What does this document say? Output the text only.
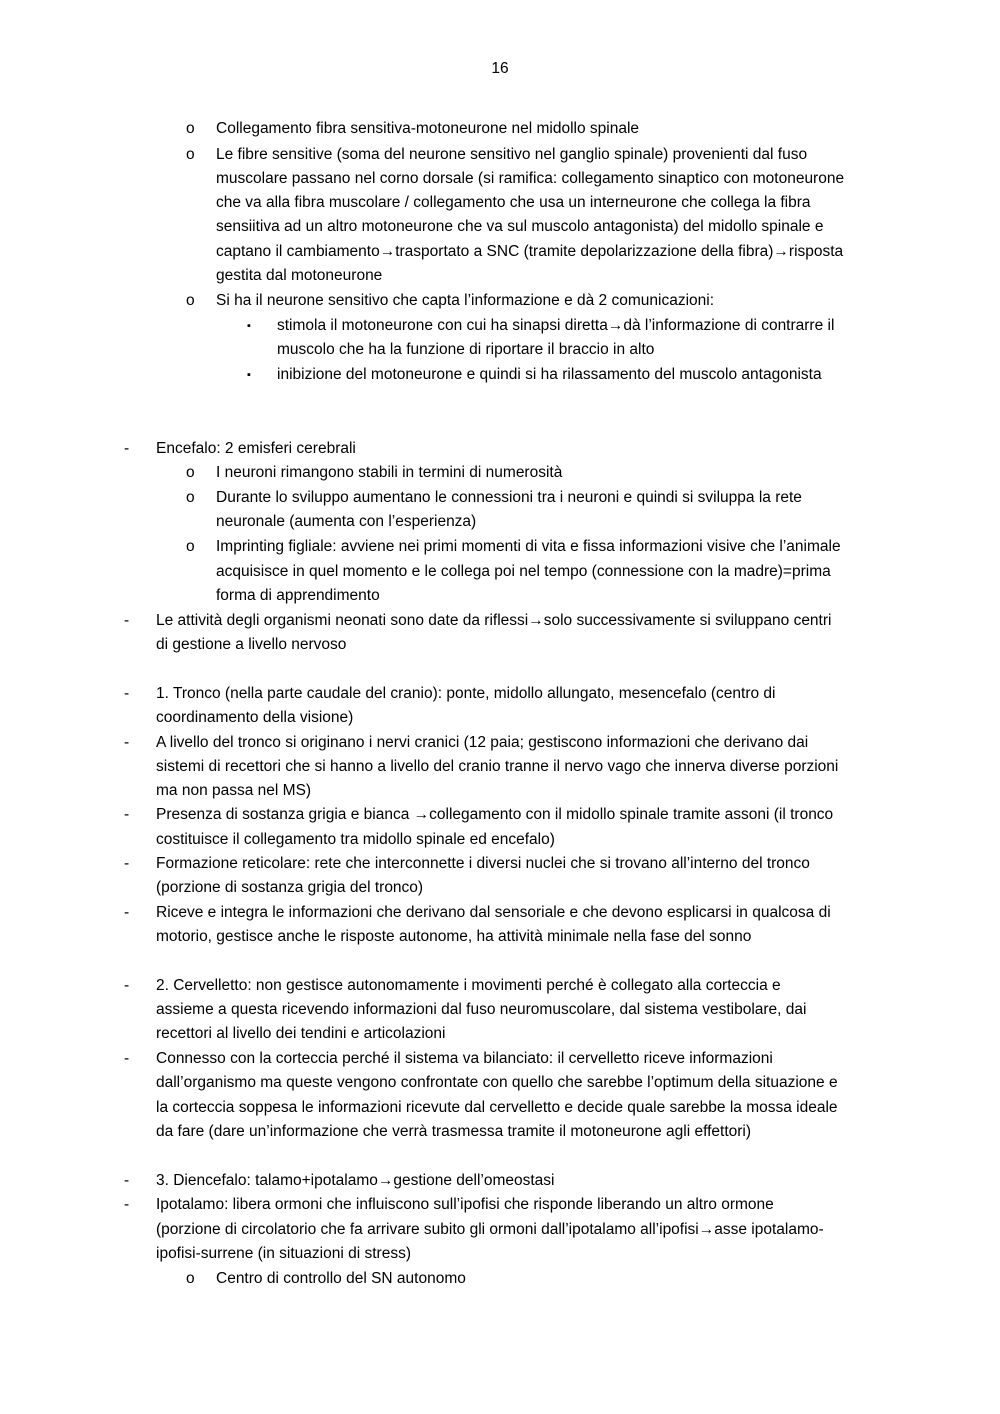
16
o Collegamento fibra sensitiva-motoneurone nel midollo spinale
o Le fibre sensitive (soma del neurone sensitivo nel ganglio spinale) provenienti dal fuso
muscolare passano nel corno dorsale (si ramifica: collegamento sinaptico con motoneurone
che va alla fibra muscolare / collegamento che usa un interneurone che collega la fibra
sensiitiva ad un altro motoneurone che va sul muscolo antagonista) del midollo spinale e
captano il cambiamento→trasportato a SNC (tramite depolarizzazione della fibra)→risposta
gestita dal motoneurone
o Si ha il neurone sensitivo che capta l’informazione e dà 2 comunicazioni:
▪ stimola il motoneurone con cui ha sinapsi diretta→dà l’informazione di contrarre il
muscolo che ha la funzione di riportare il braccio in alto
▪ inibizione del motoneurone e quindi si ha rilassamento del muscolo antagonista
- Encefalo: 2 emisferi cerebrali
o I neuroni rimangono stabili in termini di numerosità
o Durante lo sviluppo aumentano le connessioni tra i neuroni e quindi si sviluppa la rete
neuronale (aumenta con l’esperienza)
o Imprinting figliale: avviene nei primi momenti di vita e fissa informazioni visive che l’animale
acquisisce in quel momento e le collega poi nel tempo (connessione con la madre)=prima
forma di apprendimento
- Le attività degli organismi neonati sono date da riflessi→solo successivamente si sviluppano centri
di gestione a livello nervoso
- 1. Tronco (nella parte caudale del cranio): ponte, midollo allungato, mesencefalo (centro di
coordinamento della visione)
- A livello del tronco si originano i nervi cranici (12 paia; gestiscono informazioni che derivano dai
sistemi di recettori che si hanno a livello del cranio tranne il nervo vago che innerva diverse porzioni
ma non passa nel MS)
- Presenza di sostanza grigia e bianca →collegamento con il midollo spinale tramite assoni (il tronco
costituisce il collegamento tra midollo spinale ed encefalo)
- Formazione reticolare: rete che interconnette i diversi nuclei che si trovano all’interno del tronco
(porzione di sostanza grigia del tronco)
- Riceve e integra le informazioni che derivano dal sensoriale e che devono esplicarsi in qualcosa di
motorio, gestisce anche le risposte autonome, ha attività minimale nella fase del sonno
- 2. Cervelletto: non gestisce autonomamente i movimenti perché è collegato alla corteccia e
assieme a questa ricevendo informazioni dal fuso neuromuscolare, dal sistema vestibolare, dai
recettori al livello dei tendini e articolazioni
- Connesso con la corteccia perché il sistema va bilanciato: il cervelletto riceve informazioni
dall’organismo ma queste vengono confrontate con quello che sarebbe l’optimum della situazione e
la corteccia soppesa le informazioni ricevute dal cervelletto e decide quale sarebbe la mossa ideale
da fare (dare un’informazione che verrà trasmessa tramite il motoneurone agli effettori)
- 3. Diencefalo: talamo+ipotalamo→gestione dell’omeostasi
- Ipotalamo: libera ormoni che influiscono sull’ipofisi che risponde liberando un altro ormone
(porzione di circolatorio che fa arrivare subito gli ormoni dall’ipotalamo all’ipofisi→asse ipotalamo-
ipofisi-surrene (in situazioni di stress)
o Centro di controllo del SN autonomo
